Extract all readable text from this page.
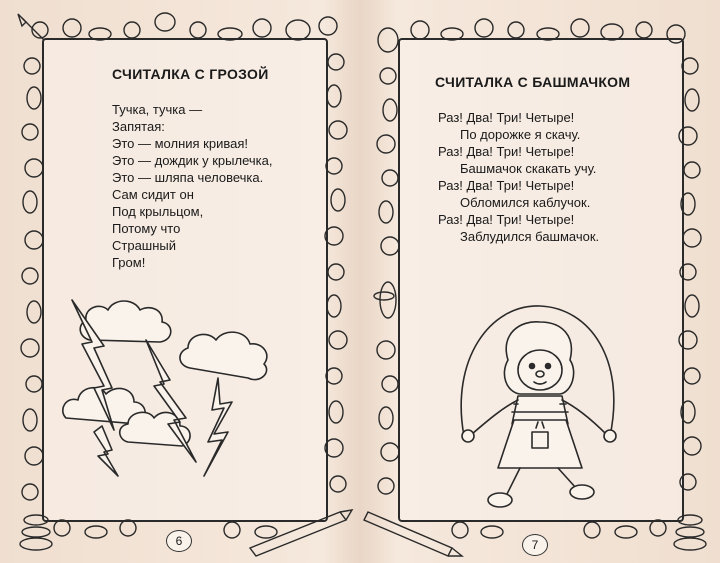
СЧИТАЛКА С ГРОЗОЙ
Тучка, тучка —
Запятая:
Это — молния кривая!
Это — дождик у крылечка,
Это — шляпа человечка.
Сам сидит он
Под крыльцом,
Потому что
Страшный
Гром!
6
СЧИТАЛКА С БАШМАЧКОМ
Раз! Два! Три! Четыре!
По дорожке я скачу.
Раз! Два! Три! Четыре!
Башмачок скакать учу.
Раз! Два! Три! Четыре!
Обломился каблучок.
Раз! Два! Три! Четыре!
Заблудился башмачок.
7
